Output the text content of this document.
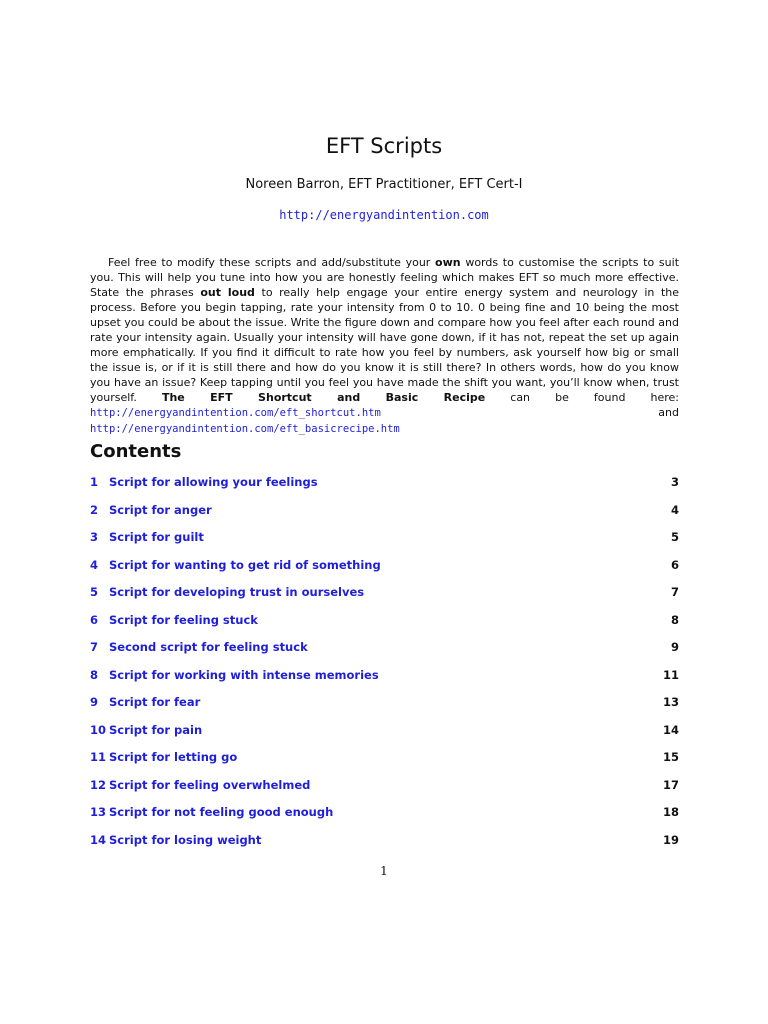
EFT Scripts
Noreen Barron, EFT Practitioner, EFT Cert-I
http://energyandintention.com

Feel free to modify these scripts and add/substitute your own words to customise the scripts to suit you. This will help you tune into how you are honestly feeling which makes EFT so much more effective. State the phrases out loud to really help engage your entire energy system and neurology in the process. Before you begin tapping, rate your intensity from 0 to 10. 0 being fine and 10 being the most upset you could be about the issue. Write the figure down and compare how you feel after each round and rate your intensity again. Usually your intensity will have gone down, if it has not, repeat the set up again more emphatically. If you find it difficult to rate how you feel by numbers, ask yourself how big or small the issue is, or if it is still there and how do you know it is still there? In others words, how do you know you have an issue? Keep tapping until you feel you have made the shift you want, you’ll know when, trust yourself. The EFT Shortcut and Basic Recipe can be found here: http://energyandintention.com/eft_shortcut.htm and http://energyandintention.com/eft_basicrecipe.htm

Contents
1 Script for allowing your feelings	3
2 Script for anger	4
3 Script for guilt	5
4 Script for wanting to get rid of something	6
5 Script for developing trust in ourselves	7
6 Script for feeling stuck	8
7 Second script for feeling stuck	9
8 Script for working with intense memories	11
9 Script for fear	13
10 Script for pain	14
11 Script for letting go	15
12 Script for feeling overwhelmed	17
13 Script for not feeling good enough	18
14 Script for losing weight	19
1
